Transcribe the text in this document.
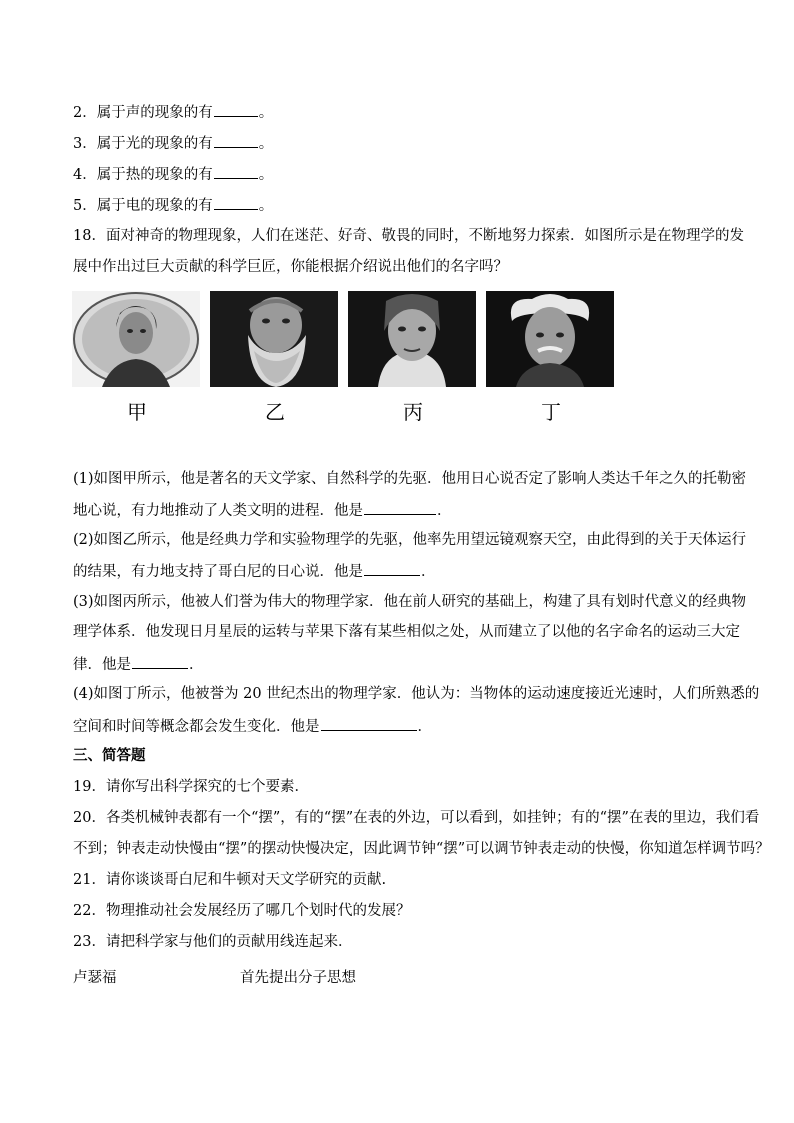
2．属于声的现象的有	。
3．属于光的现象的有	。
4．属于热的现象的有	。
5．属于电的现象的有	。
18．面对神奇的物理现象，人们在迷茫、好奇、敬畏的同时，不断地努力探索．如图所示是在物理学的发
展中作出过巨大贡献的科学巨匠，你能根据介绍说出他们的名字吗？
甲	乙	丙	丁
(1)如图甲所示，他是著名的天文学家、自然科学的先驱．他用日心说否定了影响人类达千年之久的托勒密
地心说，有力地推动了人类文明的进程．他是	．
(2)如图乙所示，他是经典力学和实验物理学的先驱，他率先用望远镜观察天空，由此得到的关于天体运行
的结果，有力地支持了哥白尼的日心说．他是	．
(3)如图丙所示，他被人们誉为伟大的物理学家．他在前人研究的基础上，构建了具有划时代意义的经典物
理学体系．他发现日月星辰的运转与苹果下落有某些相似之处，从而建立了以他的名字命名的运动三大定
律．他是	．
(4)如图丁所示，他被誉为 20 世纪杰出的物理学家．他认为：当物体的运动速度接近光速时，人们所熟悉的
空间和时间等概念都会发生变化．他是	．
三、简答题
19．请你写出科学探究的七个要素．
20．各类机械钟表都有一个“摆”，有的“摆”在表的外边，可以看到，如挂钟；有的“摆”在表的里边，我们看
不到；钟表走动快慢由“摆”的摆动快慢决定，因此调节钟“摆”可以调节钟表走动的快慢，你知道怎样调节吗？
21．请你谈谈哥白尼和牛顿对天文学研究的贡献.
22．物理推动社会发展经历了哪几个划时代的发展？
23．请把科学家与他们的贡献用线连起来．
卢瑟福	首先提出分子思想
